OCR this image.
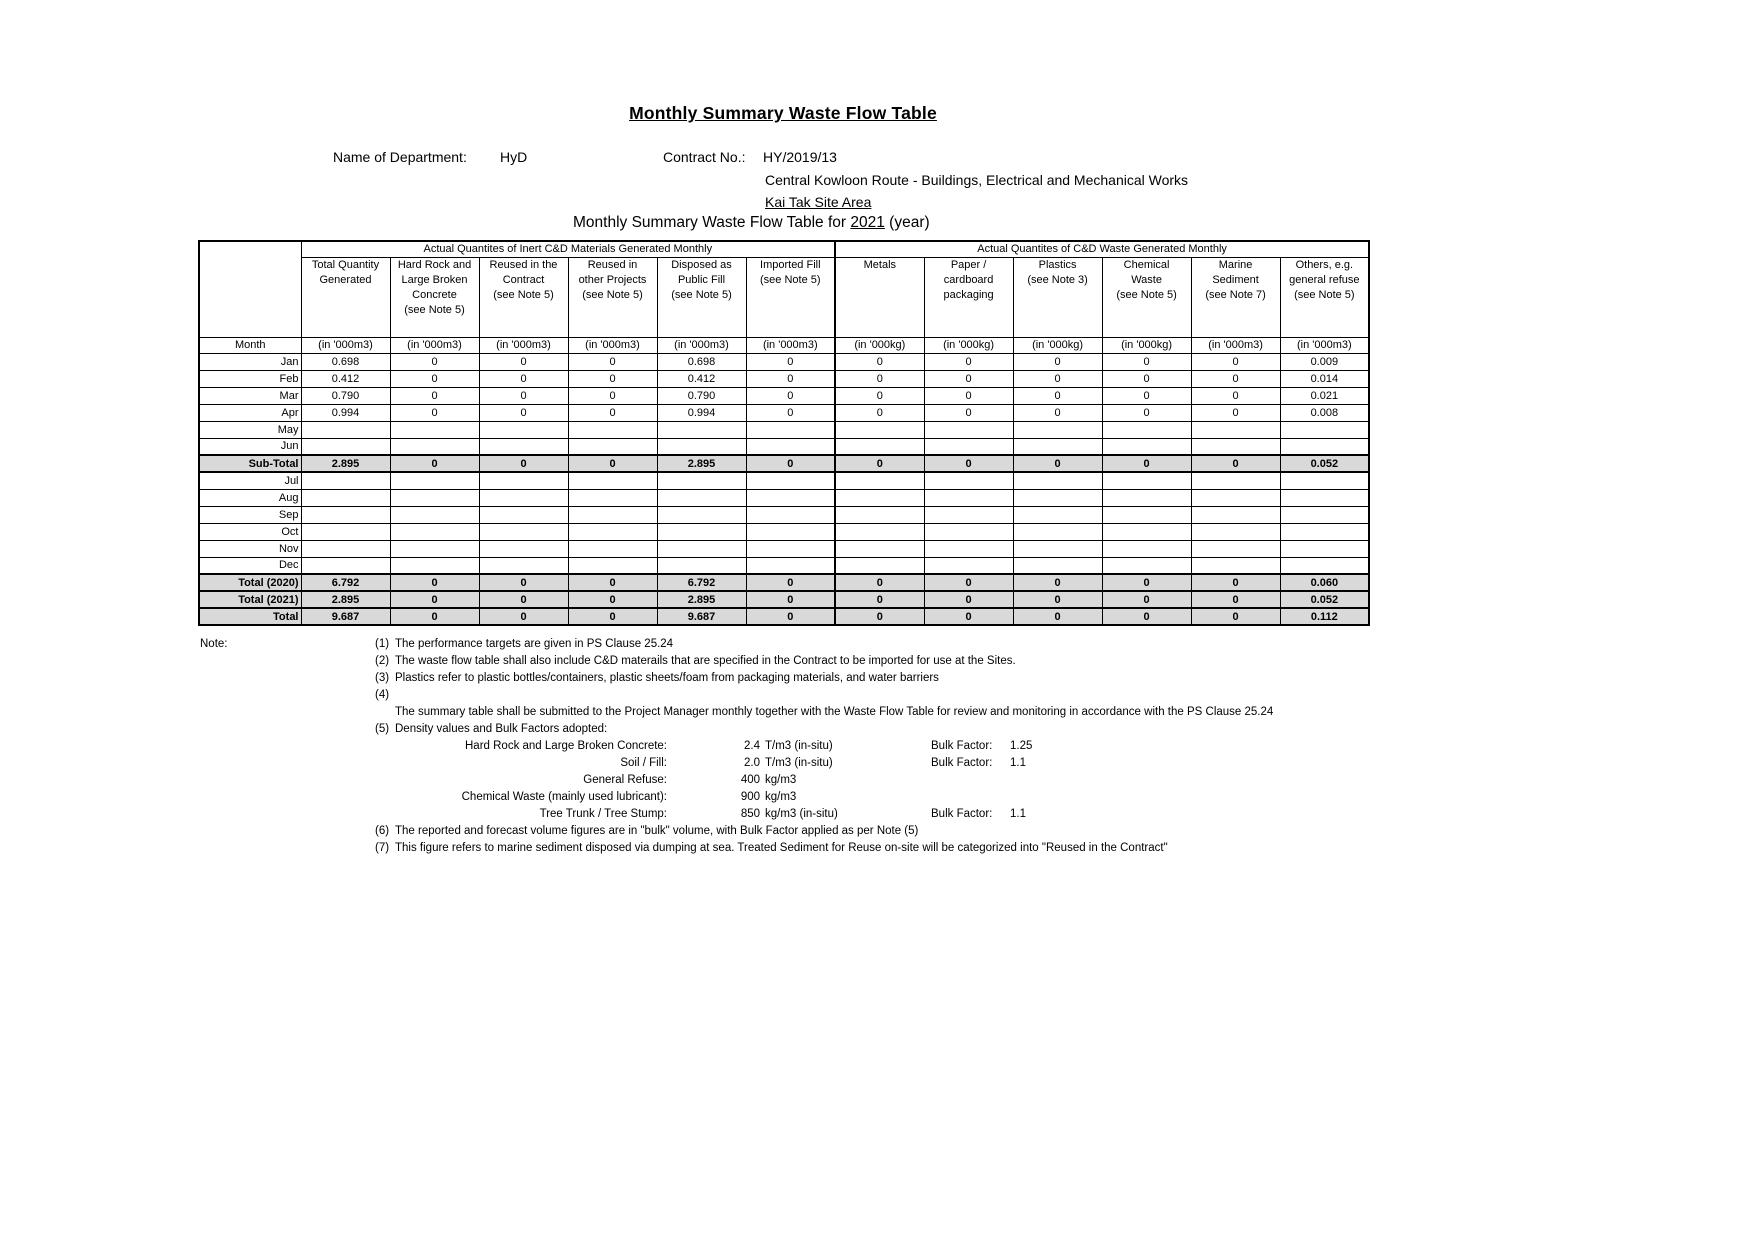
Monthly Summary Waste Flow Table
Name of Department: HyD	Contract No.: HY/2019/13
Central Kowloon Route - Buildings, Electrical and Mechanical Works
Kai Tak Site Area
Monthly Summary Waste Flow Table for 2021 (year)
	Actual Quantites of Inert C&D Materials Generated Monthly						Actual Quantites of C&D Waste Generated Monthly					
	Total Quantity
Generated	Hard Rock and
Large Broken
Concrete
(see Note 5)	Reused in the
Contract
(see Note 5)	Reused in
other Projects
(see Note 5)	Disposed as
Public Fill
(see Note 5)	Imported Fill
(see Note 5)	Metals	Paper /
cardboard
packaging	Plastics
(see Note 3)	Chemical
Waste
(see Note 5)	Marine
Sediment
(see Note 7)	Others, e.g.
general refuse
(see Note 5)
Month	(in '000m3)	(in '000m3)	(in '000m3)	(in '000m3)	(in '000m3)	(in '000m3)	(in '000kg)	(in '000kg)	(in '000kg)	(in '000kg)	(in '000m3)	(in '000m3)
Jan	0.698	0	0	0	0.698	0	0	0	0	0	0	0.009
Feb	0.412	0	0	0	0.412	0	0	0	0	0	0	0.014
Mar	0.790	0	0	0	0.790	0	0	0	0	0	0	0.021
Apr	0.994	0	0	0	0.994	0	0	0	0	0	0	0.008
May												
Jun												
Sub-Total	2.895	0	0	0	2.895	0	0	0	0	0	0	0.052
Jul												
Aug												
Sep												
Oct												
Nov												
Dec												
Total (2020)	6.792	0	0	0	6.792	0	0	0	0	0	0	0.060
Total (2021)	2.895	0	0	0	2.895	0	0	0	0	0	0	0.052
Total	9.687	0	0	0	9.687	0	0	0	0	0	0	0.112
Note:	(1) The performance targets are given in PS Clause 25.24
(2) The waste flow table shall also include C&D materails that are specified in the Contract to be imported for use at the Sites.
(3) Plastics refer to plastic bottles/containers, plastic sheets/foam from packaging materials, and water barriers
(4)
The summary table shall be submitted to the Project Manager monthly together with the Waste Flow Table for review and monitoring in accordance with the PS Clause 25.24
(5) Density values and Bulk Factors adopted:
Hard Rock and Large Broken Concrete:	2.4 T/m3 (in-situ)	Bulk Factor: 1.25
Soil / Fill:	2.0 T/m3 (in-situ)	Bulk Factor: 1.1
General Refuse:	400 kg/m3
Chemical Waste (mainly used lubricant):	900 kg/m3
Tree Trunk / Tree Stump:	850 kg/m3 (in-situ)	Bulk Factor: 1.1
(6) The reported and forecast volume figures are in "bulk" volume, with Bulk Factor applied as per Note (5)
(7) This figure refers to marine sediment disposed via dumping at sea. Treated Sediment for Reuse on-site will be categorized into "Reused in the Contract"
